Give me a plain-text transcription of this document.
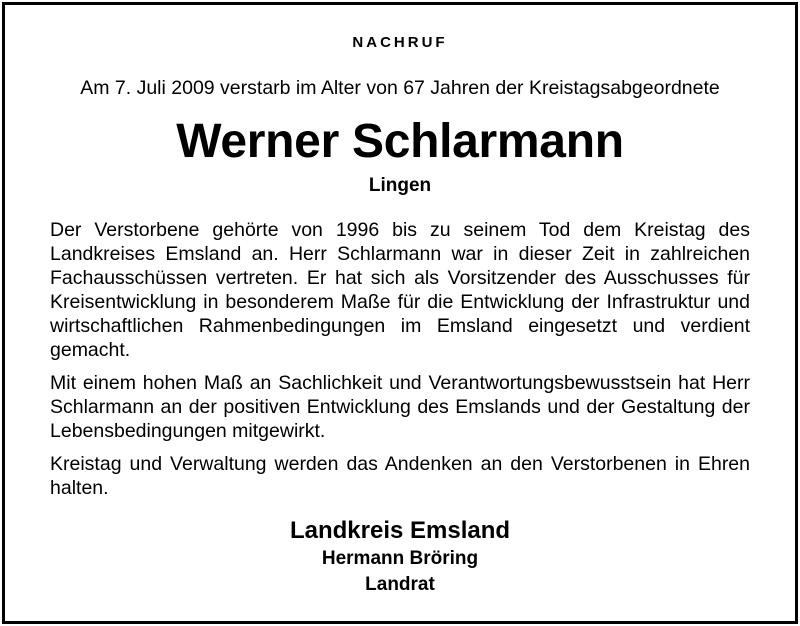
NACHRUF
Am 7. Juli 2009 verstarb im Alter von 67 Jahren der Kreistagsabgeordnete
Werner Schlarmann
Lingen

Der Verstorbene gehörte von 1996 bis zu seinem Tod dem Kreistag des Landkreises Emsland an. Herr Schlarmann war in dieser Zeit in zahlreichen Fachausschüssen vertreten. Er hat sich als Vorsitzender des Ausschusses für Kreisentwicklung in besonderem Maße für die Entwicklung der Infrastruktur und wirtschaftlichen Rahmenbedingungen im Emsland eingesetzt und verdient gemacht.

Mit einem hohen Maß an Sachlichkeit und Verantwortungsbewusstsein hat Herr Schlarmann an der positiven Entwicklung des Emslands und der Gestaltung der Lebensbedingungen mitgewirkt.

Kreistag und Verwaltung werden das Andenken an den Verstorbenen in Ehren halten.

Landkreis Emsland
Hermann Bröring
Landrat
